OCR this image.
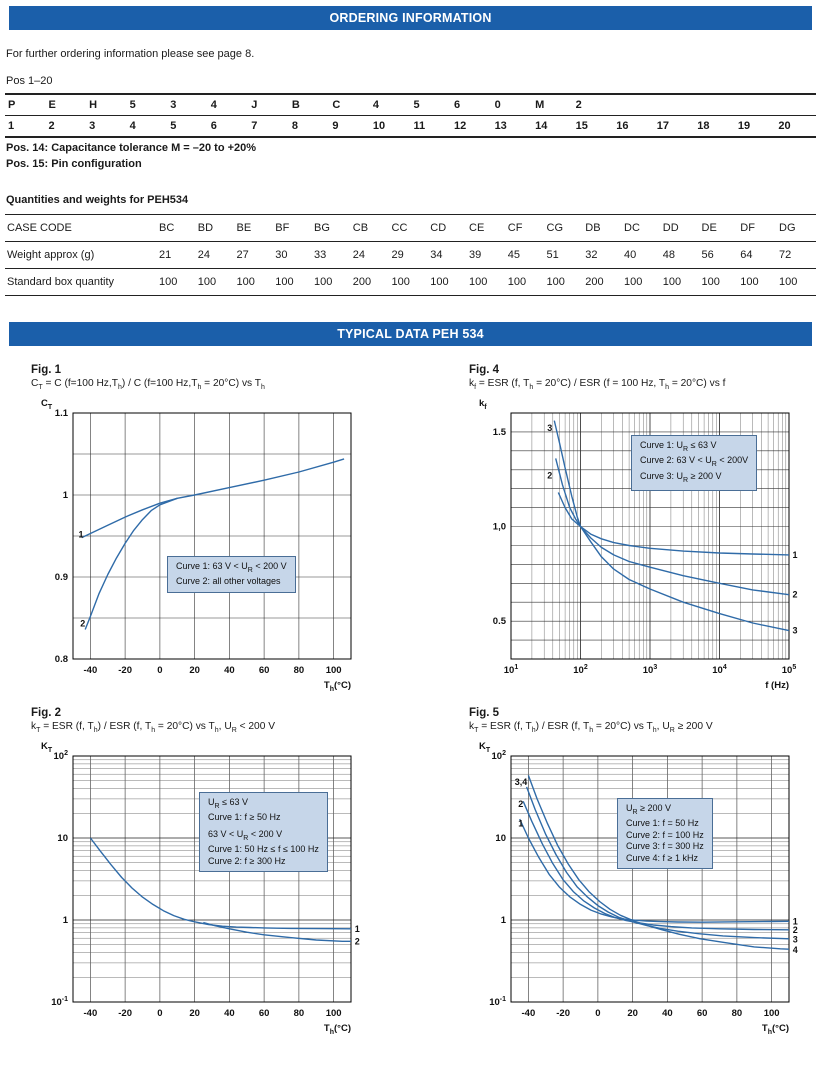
ORDERING INFORMATION

For further ordering information please see page 8.

Pos 1–20

P	E	H	5	3	4	J	B	C	4	5	6	0	M	2					
1	2	3	4	5	6	7	8	9	10	11	12	13	14	15	16	17	18	19	20

Pos. 14: Capacitance tolerance M = –20 to +20%

Pos. 15: Pin configuration

Quantities and weights for PEH534

CASE CODE	BC	BD	BE	BF	BG	CB	CC	CD	CE	CF	CG	DB	DC	DD	DE	DF	DG
Weight approx (g)	21	24	27	30	33	24	29	34	39	45	51	32	40	48	56	64	72
Standard box quantity	100	100	100	100	100	200	100	100	100	100	100	200	100	100	100	100	100
TYPICAL DATA PEH 534
Fig. 1
$C_T = C$ (f=100 $Hz,T_h$) / C (f=100 $Hz,T_h = 20^\circ C$) vs $T_h$
-40 -20	0	20	40	60	80 100
1.1
1
0.9
0.8
$T_h(^\circ C)$
$C_T$
1
2
Curve 1: 63 $V < U_R < 200$ V
Curve 2: all other voltages
Fig. 4
$k_f$ = ESR (f, $T_h = 20^\circ C$) / ESR (f = 100 Hz, $T_h = 20^\circ C$) vs f
$10^1$	$10^2$	$10^3$	$10^4$	$10^5$
1.5
1,0
0.5
f (Hz)
$k_f$
3
2
1
2
3
Curve 1: $U_R \le 63$ V
Curve 2: 63 $V < U_R < 200V$
Curve 3: $U_R \ge 200$ V
Fig. 2
$k_T$ = ESR (f, $T_h$) / ESR (f, $T_h = 20^\circ C$) vs $T_h$, $U_R < 200$ V
-40 -20	0	20	40	60	80 100
$10^2$
10
1
$10^{-1}$
$T_h(^\circ C)$
$K_T$
1
2
$U_R \le 63$ V
Curve 1: f ≥ 50 Hz
63 $V < U_R < 200$ V
Curve 1: 50 Hz ≤ f ≤ 100 Hz
Curve 2: f ≥ 300 Hz
Fig. 5
$k_T$ = ESR (f, $T_h$) / ESR (f, $T_h = 20^\circ C$) vs $T_h$, $U_R \ge 200$ V
-40 -20	0	20	40	60	80 100
$10^2$
10
1
$10^{-1}$
$T_h(^\circ C)$
$K_T$
3,4
2
1
1
2
3
4
$U_R \ge 200$ V
Curve 1: f = 50 Hz
Curve 2: f = 100 Hz
Curve 3: f = 300 Hz
Curve 4: f ≥ 1 kHz
